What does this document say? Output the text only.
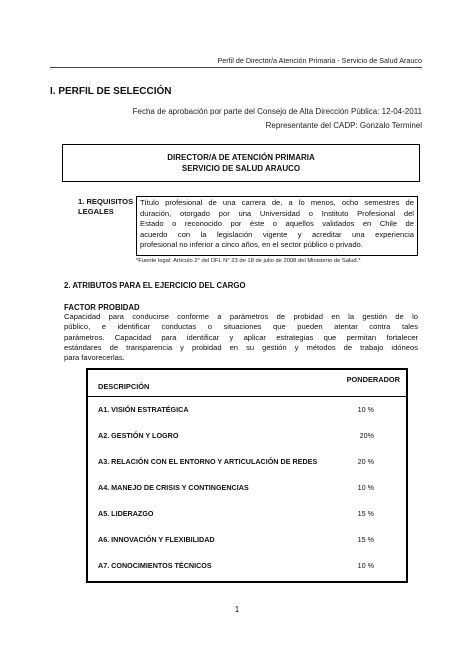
Perfil de Director/a Atención Primaria - Servicio de Salud Arauco
I. PERFIL DE SELECCIÓN
Fecha de aprobación por parte del Consejo de Alta Dirección Pública: 12-04-2011
Representante del CADP: Gonzalo Terminel
DIRECTOR/A DE ATENCIÓN PRIMARIA
SERVICIO DE SALUD ARAUCO
1. REQUISITOS
LEGALES
Título profesional de una carrera de, a lo menos, ocho semestres de
duración, otorgado por una Universidad o Instituto Profesional del
Estado o reconocido por éste o aquellos validados en Chile de
acuerdo con la legislación vigente y acreditar una experiencia
profesional no inferior a cinco años, en el sector público o privado.
*Fuente legal: Artículo 2° del DFL N° 23 de 18 de julio de 2008 del Ministerio de Salud.*
2. ATRIBUTOS PARA EL EJERCICIO DEL CARGO
FACTOR PROBIDAD
Capacidad para conducirse conforme a parámetros de probidad en la gestión de lo
público, e identificar conductas o situaciones que pueden atentar contra tales
parámetros. Capacidad para identificar y aplicar estrategias que permitan fortalecer
estándares de transparencia y probidad en su gestión y métodos de trabajo idóneos
para favorecerlas.
DESCRIPCIÓN
PONDERADOR
A1. VISIÓN ESTRATÉGICA	10 %
A2. GESTIÓN Y LOGRO	20%
A3. RELACIÓN CON EL ENTORNO Y ARTICULACIÓN DE REDES	20 %
A4. MANEJO DE CRISIS Y CONTINGENCIAS	10 %
A5. LIDERAZGO	15 %
A6. INNOVACIÓN Y FLEXIBILIDAD	15 %
A7. CONOCIMIENTOS TÉCNICOS	10 %
1
